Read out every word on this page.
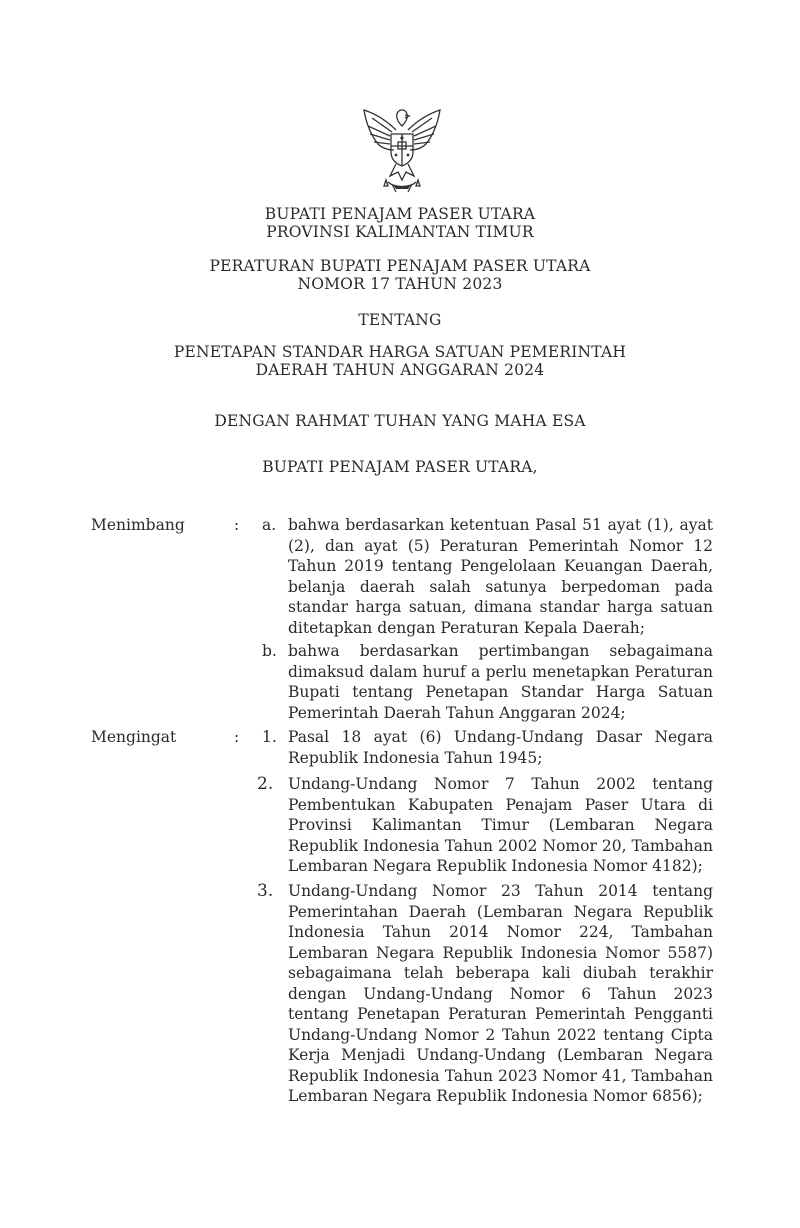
BUPATI PENAJAM PASER UTARA
PROVINSI KALIMANTAN TIMUR
PERATURAN BUPATI PENAJAM PASER UTARA
NOMOR 17 TAHUN 2023
TENTANG
PENETAPAN STANDAR HARGA SATUAN PEMERINTAH
DAERAH TAHUN ANGGARAN 2024
DENGAN RAHMAT TUHAN YANG MAHA ESA
BUPATI PENAJAM PASER UTARA,
Menimbang	: a. bahwa berdasarkan ketentuan Pasal 51 ayat (1), ayat (2), dan ayat (5) Peraturan Pemerintah Nomor 12 Tahun 2019 tentang Pengelolaan Keuangan Daerah, belanja daerah salah satunya berpedoman pada standar harga satuan, dimana standar harga satuan ditetapkan dengan Peraturan Kepala Daerah;
b. bahwa berdasarkan pertimbangan sebagaimana dimaksud dalam huruf a perlu menetapkan Peraturan Bupati tentang Penetapan Standar Harga Satuan Pemerintah Daerah Tahun Anggaran 2024;
Mengingat	: 1. Pasal 18 ayat (6) Undang-Undang Dasar Negara Republik Indonesia Tahun 1945;
2. Undang-Undang Nomor 7 Tahun 2002 tentang Pembentukan Kabupaten Penajam Paser Utara di Provinsi Kalimantan Timur (Lembaran Negara Republik Indonesia Tahun 2002 Nomor 20, Tambahan Lembaran Negara Republik Indonesia Nomor 4182);
3. Undang-Undang Nomor 23 Tahun 2014 tentang Pemerintahan Daerah (Lembaran Negara Republik Indonesia Tahun 2014 Nomor 224, Tambahan Lembaran Negara Republik Indonesia Nomor 5587) sebagaimana telah beberapa kali diubah terakhir dengan Undang-Undang Nomor 6 Tahun 2023 tentang Penetapan Peraturan Pemerintah Pengganti Undang-Undang Nomor 2 Tahun 2022 tentang Cipta Kerja Menjadi Undang-Undang (Lembaran Negara Republik Indonesia Tahun 2023 Nomor 41, Tambahan Lembaran Negara Republik Indonesia Nomor 6856);
